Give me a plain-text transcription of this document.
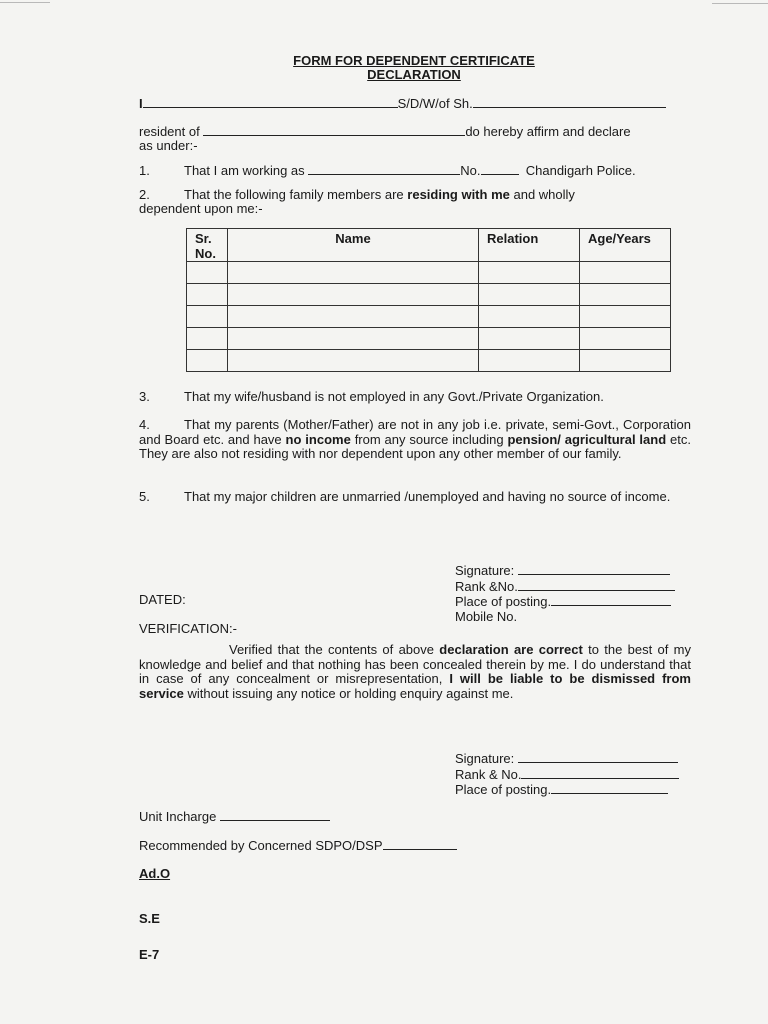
FORM FOR DEPENDENT CERTIFICATE
DECLARATION
I	S/D/W/of Sh.
resident of	do hereby affirm and declare
as under:-
1.	That I am working as	No.	Chandigarh Police.
2.	That the following family members are residing with me and wholly
dependent upon me:-
Sr. No.	Name	Relation	Age/Years

3.	That my wife/husband is not employed in any Govt./Private Organization.
4.	That my parents (Mother/Father) are not in any job i.e. private, semi-Govt., Corporation and Board etc. and have no income from any source including pension/ agricultural land etc. They are also not residing with nor dependent upon any other member of our family.
5.	That my major children are unmarried /unemployed and having no source of income.
Signature:
Rank &No.
Place of posting.
Mobile No.
DATED:
VERIFICATION:-
Verified that the contents of above declaration are correct to the best of my knowledge and belief and that nothing has been concealed therein by me. I do understand that in case of any concealment or misrepresentation, I will be liable to be dismissed from service without issuing any notice or holding enquiry against me.
Signature:
Rank & No.
Place of posting.
Unit Incharge
Recommended by Concerned SDPO/DSP
Ad.O
S.E
E-7
